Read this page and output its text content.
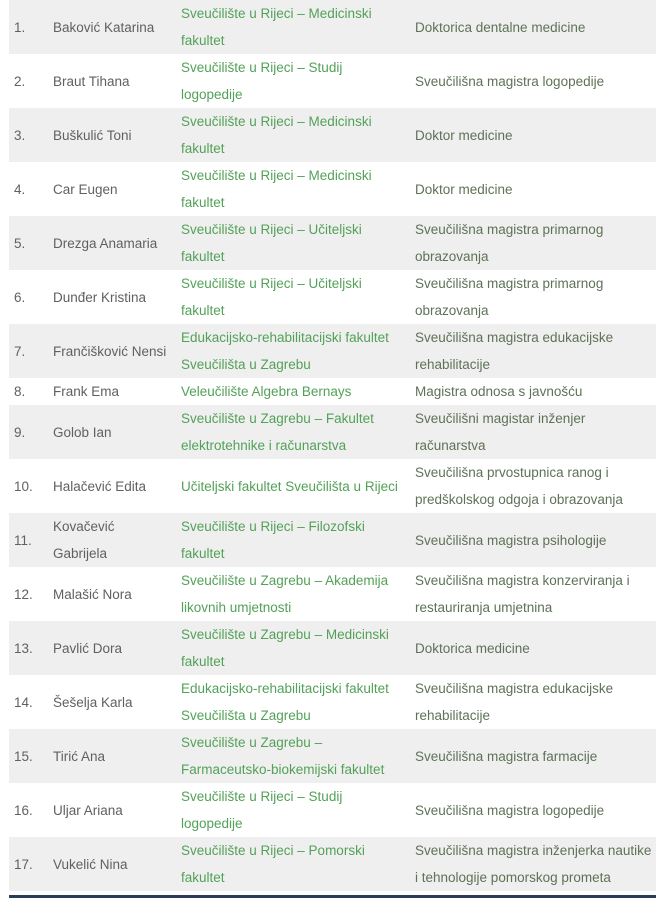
1.	Baković Katarina	Sveučilište u Rijeci – Medicinski fakultet	Doktorica dentalne medicine
2.	Braut Tihana	Sveučilište u Rijeci – Studij logopedije	Sveučilišna magistra logopedije
3.	Buškulić Toni	Sveučilište u Rijeci – Medicinski fakultet	Doktor medicine
4.	Car Eugen	Sveučilište u Rijeci – Medicinski fakultet	Doktor medicine
5.	Drezga Anamaria	Sveučilište u Rijeci – Učiteljski fakultet	Sveučilišna magistra primarnog obrazovanja
6.	Dunđer Kristina	Sveučilište u Rijeci – Učiteljski fakultet	Sveučilišna magistra primarnog obrazovanja
7.	Frančišković Nensi	Edukacijsko-rehabilitacijski fakultet Sveučilišta u Zagrebu	Sveučilišna magistra edukacijske rehabilitacije
8.	Frank Ema	Veleučilište Algebra Bernays	Magistra odnosa s javnošću
9.	Golob Ian	Sveučilište u Zagrebu – Fakultet elektrotehnike i računarstva	Sveučilišni magistar inženjer računarstva
10.	Halačević Edita	Učiteljski fakultet Sveučilišta u Rijeci	Sveučilišna prvostupnica ranog i predškolskog odgoja i obrazovanja
11.	Kovačević Gabrijela	Sveučilište u Rijeci – Filozofski fakultet	Sveučilišna magistra psihologije
12.	Malašić Nora	Sveučilište u Zagrebu – Akademija likovnih umjetnosti	Sveučilišna magistra konzerviranja i restauriranja umjetnina
13.	Pavlić Dora	Sveučilište u Zagrebu – Medicinski fakultet	Doktorica medicine
14.	Šešelja Karla	Edukacijsko-rehabilitacijski fakultet Sveučilišta u Zagrebu	Sveučilišna magistra edukacijske rehabilitacije
15.	Tirić Ana	Sveučilište u Zagrebu – Farmaceutsko-biokemijski fakultet	Sveučilišna magistra farmacije
16.	Uljar Ariana	Sveučilište u Rijeci – Studij logopedije	Sveučilišna magistra logopedije
17.	Vukelić Nina	Sveučilište u Rijeci – Pomorski fakultet	Sveučilišna magistra inženjerka nautike i tehnologije pomorskog prometa
